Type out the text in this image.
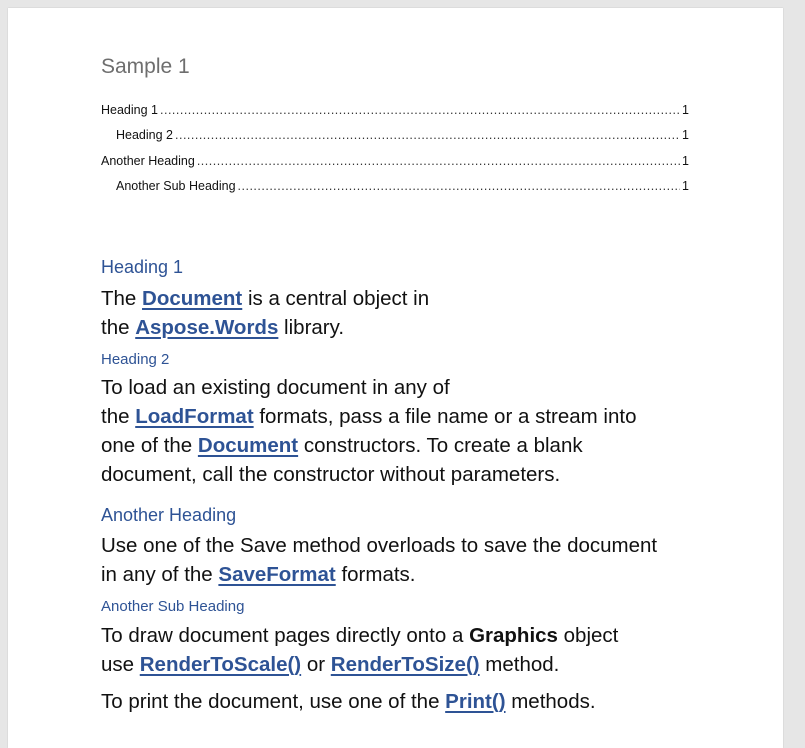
Sample 1
Heading 1 .....	1
Heading 2 .....	1
Another Heading .....	1
Another Sub Heading .....	1
Heading 1
The Document is a central object in
the Aspose.Words library.
Heading 2
To load an existing document in any of
the LoadFormat formats, pass a file name or a stream into
one of the Document constructors. To create a blank
document, call the constructor without parameters.
Another Heading
Use one of the Save method overloads to save the document
in any of the SaveFormat formats.
Another Sub Heading
To draw document pages directly onto a Graphics object
use RenderToScale() or RenderToSize() method.
To print the document, use one of the Print() methods.
